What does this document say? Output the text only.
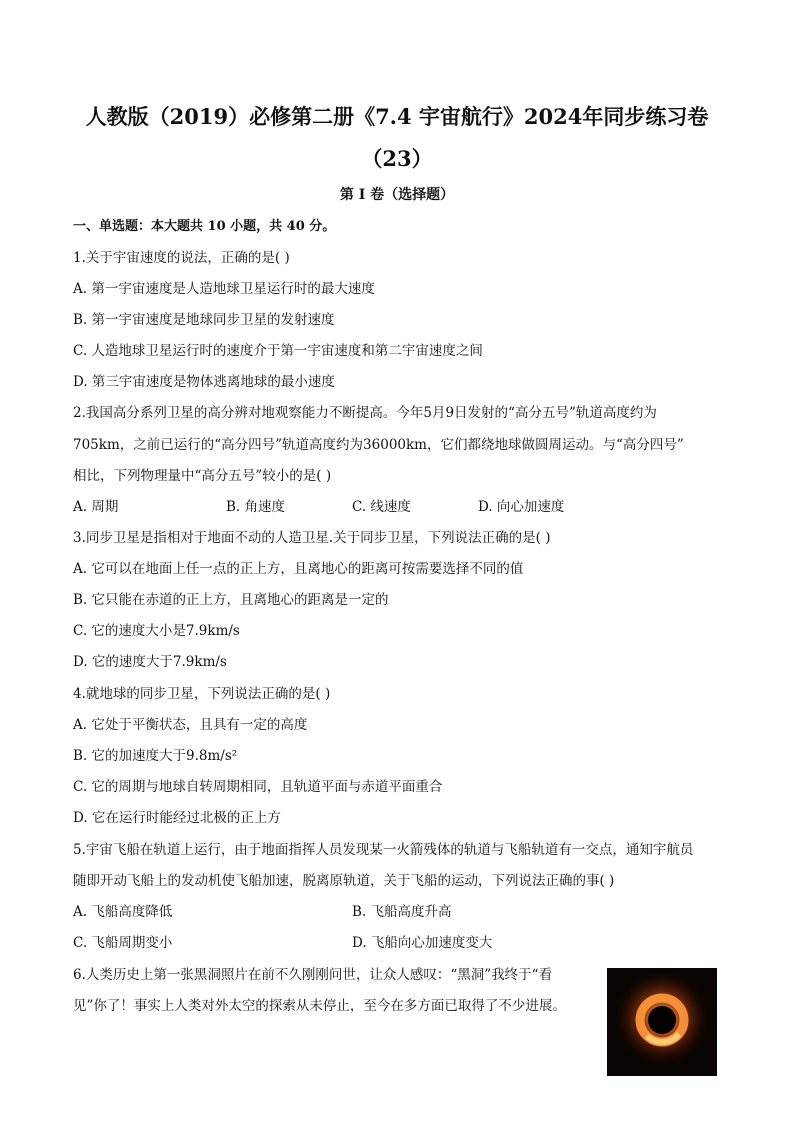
人教版（2019）必修第二册《7.4 宇宙航行》2024年同步练习卷
（23）
第 I 卷（选择题）
一、单选题：本大题共 10 小题，共 40 分。
1.关于宇宙速度的说法，正确的是( )
A. 第一宇宙速度是人造地球卫星运行时的最大速度
B. 第一宇宙速度是地球同步卫星的发射速度
C. 人造地球卫星运行时的速度介于第一宇宙速度和第二宇宙速度之间
D. 第三宇宙速度是物体逃离地球的最小速度
2.我国高分系列卫星的高分辨对地观察能力不断提高。今年5月9日发射的“高分五号”轨道高度约为
705km，之前已运行的“高分四号”轨道高度约为36000km，它们都绕地球做圆周运动。与“高分四号”
相比，下列物理量中“高分五号”较小的是( )
A. 周期	B. 角速度	C. 线速度	D. 向心加速度
3.同步卫星是指相对于地面不动的人造卫星.关于同步卫星，下列说法正确的是( )
A. 它可以在地面上任一点的正上方，且离地心的距离可按需要选择不同的值
B. 它只能在赤道的正上方，且离地心的距离是一定的
C. 它的速度大小是7.9km/s
D. 它的速度大于7.9km/s
4.就地球的同步卫星，下列说法正确的是( )
A. 它处于平衡状态，且具有一定的高度
B. 它的加速度大于9.8m/s²
C. 它的周期与地球自转周期相同，且轨道平面与赤道平面重合
D. 它在运行时能经过北极的正上方
5.宇宙飞船在轨道上运行，由于地面指挥人员发现某一火箭残体的轨道与飞船轨道有一交点，通知宇航员
随即开动飞船上的发动机使飞船加速，脱离原轨道，关于飞船的运动，下列说法正确的事( )
A. 飞船高度降低	B. 飞船高度升高
C. 飞船周期变小	D. 飞船向心加速度变大
6.人类历史上第一张黑洞照片在前不久刚刚问世，让众人感叹：“黑洞”我终于“看
见”你了！事实上人类对外太空的探索从未停止，至今在多方面已取得了不少进展。
